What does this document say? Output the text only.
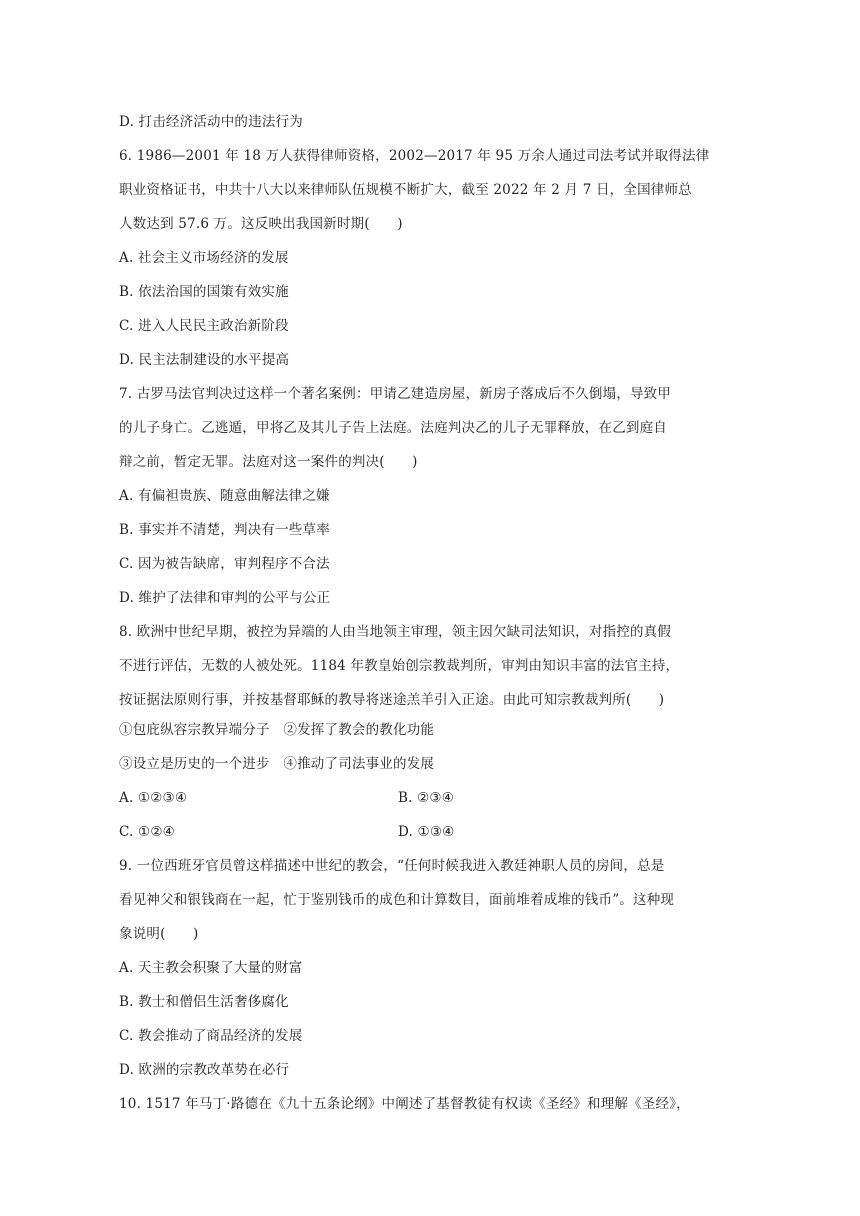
D. 打击经济活动中的违法行为
6. 1986—2001 年 18 万人获得律师资格，2002—2017 年 95 万余人通过司法考试并取得法律
职业资格证书，中共十八大以来律师队伍规模不断扩大，截至 2022 年 2 月 7 日，全国律师总
人数达到 57.6 万。这反映出我国新时期(　　)
A. 社会主义市场经济的发展
B. 依法治国的国策有效实施
C. 进入人民民主政治新阶段
D. 民主法制建设的水平提高
7. 古罗马法官判决过这样一个著名案例：甲请乙建造房屋，新房子落成后不久倒塌，导致甲
的儿子身亡。乙逃遁，甲将乙及其儿子告上法庭。法庭判决乙的儿子无罪释放，在乙到庭自
辩之前，暂定无罪。法庭对这一案件的判决(　　)
A. 有偏袒贵族、随意曲解法律之嫌
B. 事实并不清楚，判决有一些草率
C. 因为被告缺席，审判程序不合法
D. 维护了法律和审判的公平与公正
8. 欧洲中世纪早期，被控为异端的人由当地领主审理，领主因欠缺司法知识，对指控的真假
不进行评估，无数的人被处死。1184 年教皇始创宗教裁判所，审判由知识丰富的法官主持，
按证据法原则行事，并按基督耶稣的教导将迷途羔羊引入正途。由此可知宗教裁判所(　　)
①包庇纵容宗教异端分子　②发挥了教会的教化功能
③设立是历史的一个进步　④推动了司法事业的发展
A. ①②③④	B. ②③④
C. ①②④	D. ①③④
9. 一位西班牙官员曾这样描述中世纪的教会，“任何时候我进入教廷神职人员的房间，总是
看见神父和银钱商在一起，忙于鉴别钱币的成色和计算数目，面前堆着成堆的钱币”。这种现
象说明(　　)
A. 天主教会积聚了大量的财富
B. 教士和僧侣生活奢侈腐化
C. 教会推动了商品经济的发展
D. 欧洲的宗教改革势在必行
10. 1517 年马丁·路德在《九十五条论纲》中阐述了基督教徒有权读《圣经》和理解《圣经》，
